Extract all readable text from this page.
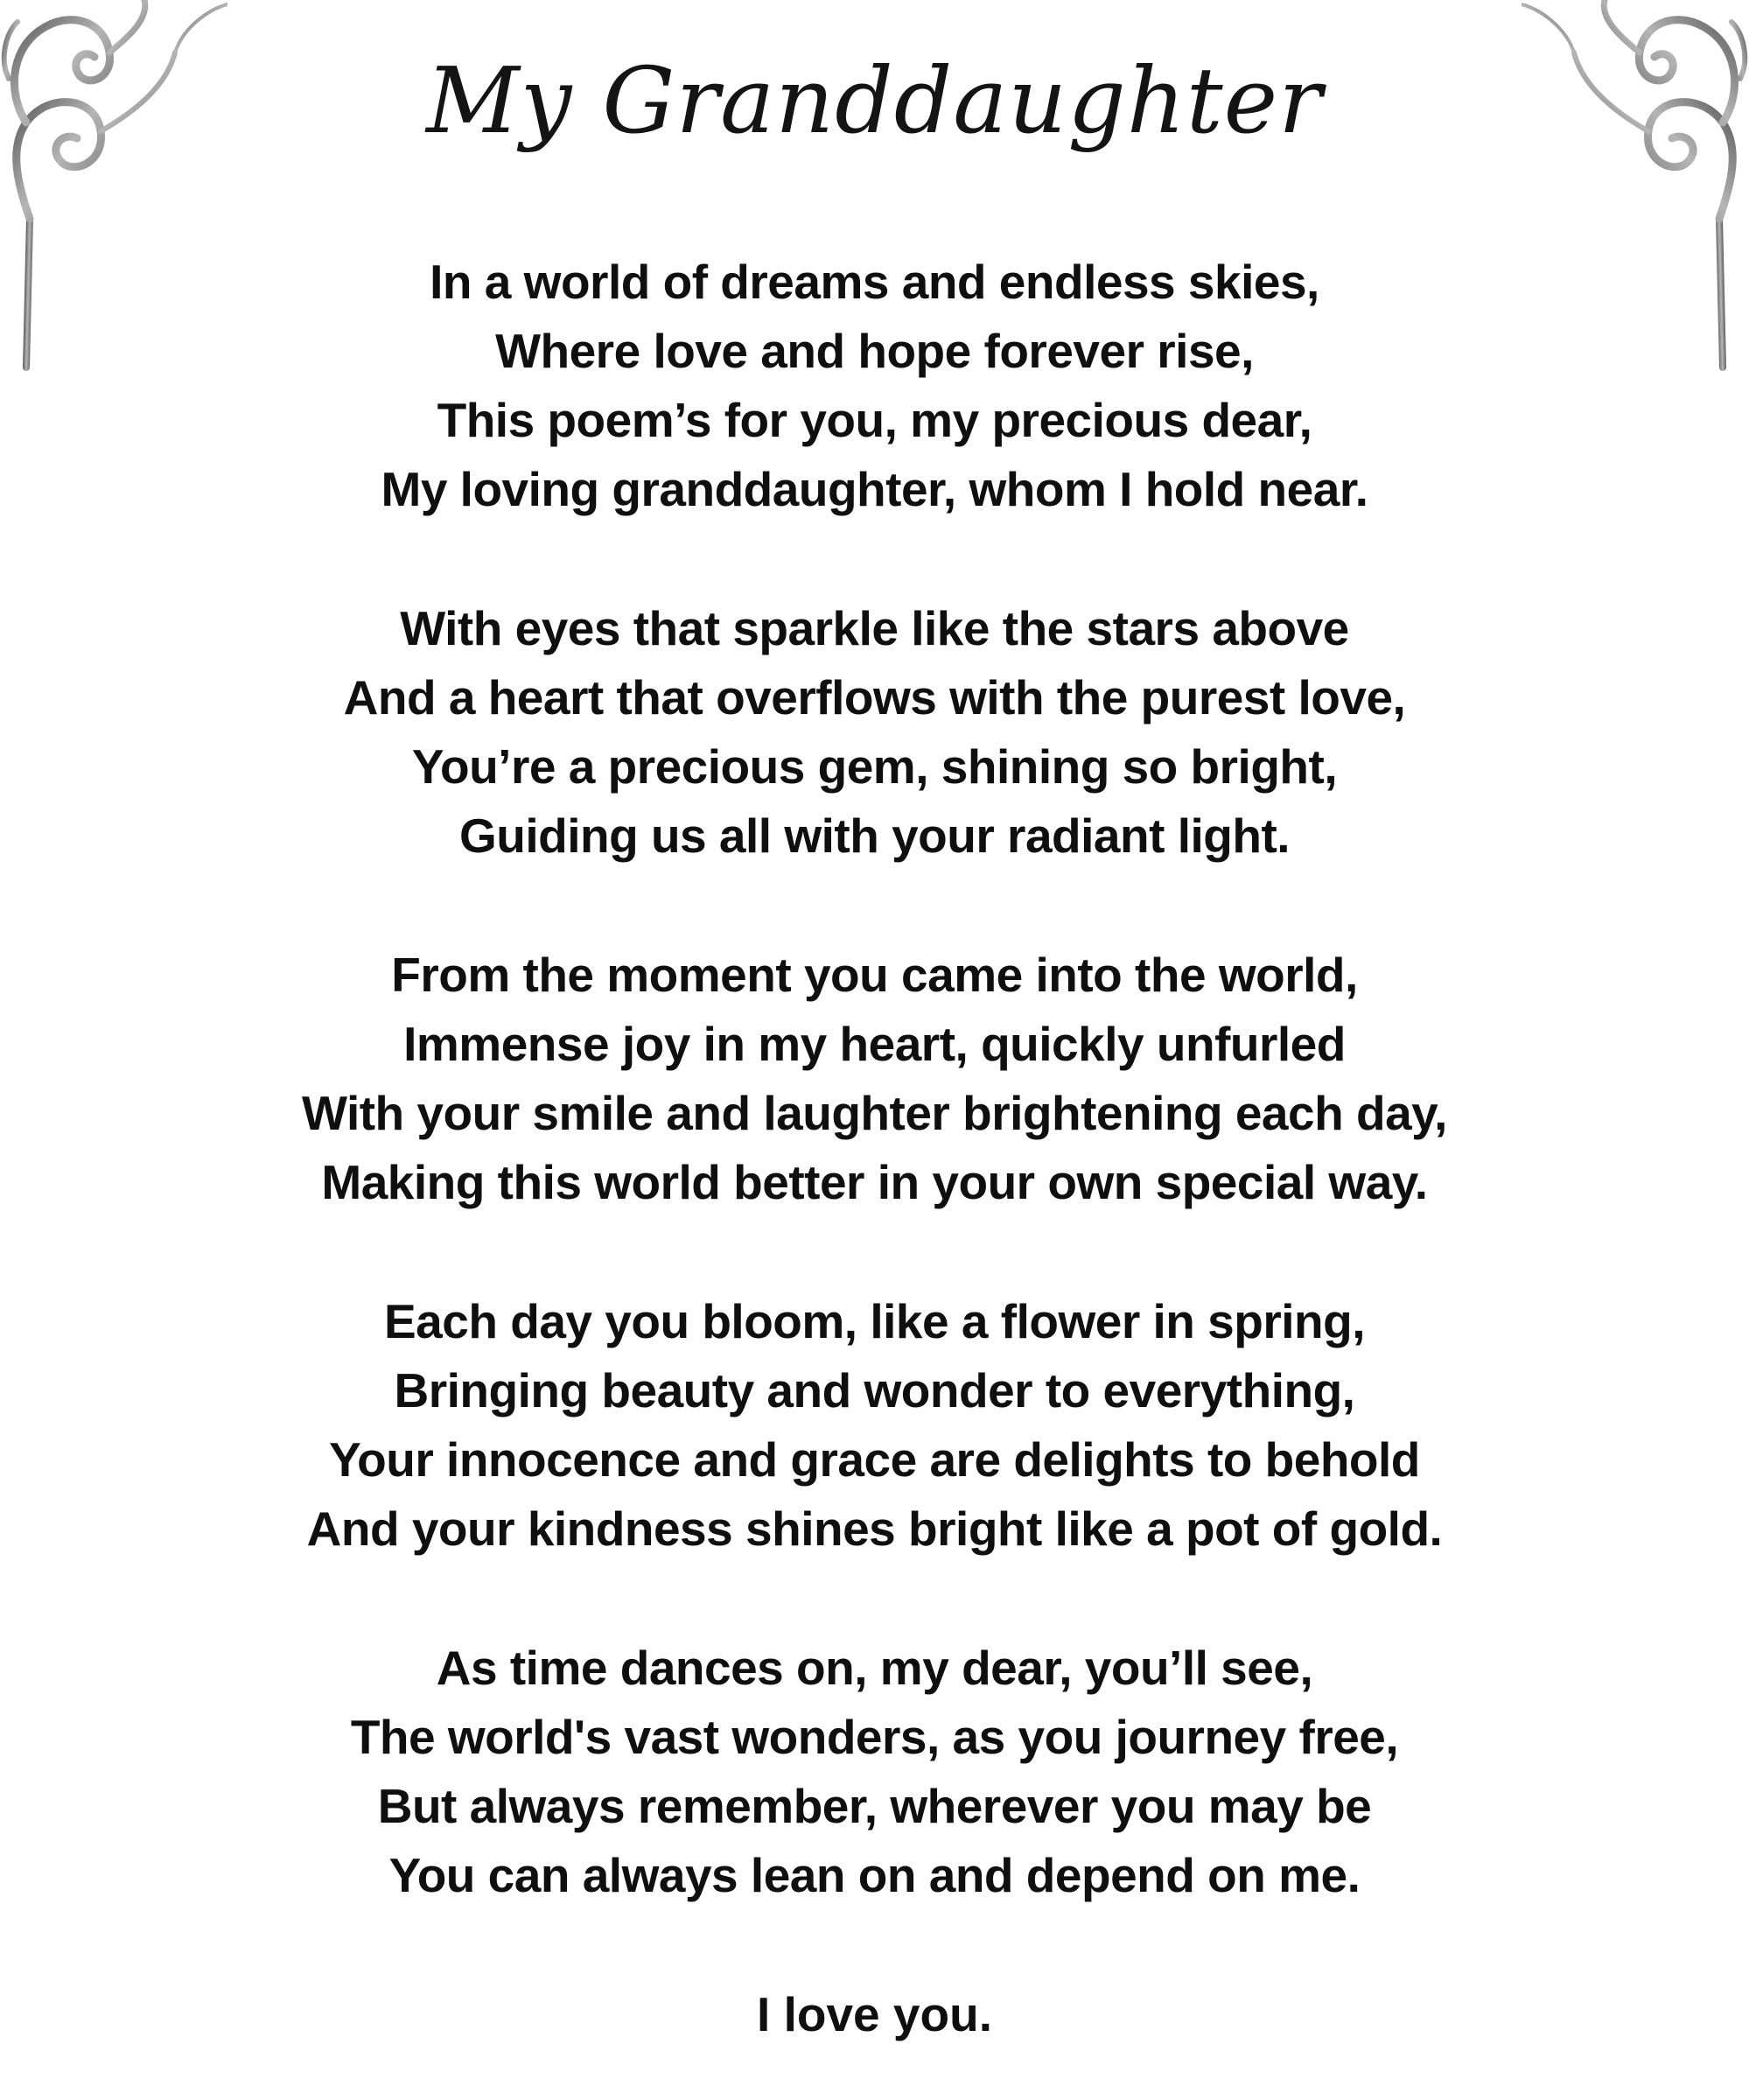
My Granddaughter
In a world of dreams and endless skies,
Where love and hope forever rise,
This poem’s for you, my precious dear,
My loving granddaughter, whom I hold near.
With eyes that sparkle like the stars above
And a heart that overflows with the purest love,
You’re a precious gem, shining so bright,
Guiding us all with your radiant light.
From the moment you came into the world,
Immense joy in my heart, quickly unfurled
With your smile and laughter brightening each day,
Making this world better in your own special way.
Each day you bloom, like a flower in spring,
Bringing beauty and wonder to everything,
Your innocence and grace are delights to behold
And your kindness shines bright like a pot of gold.
As time dances on, my dear, you’ll see,
The world's vast wonders, as you journey free,
But always remember, wherever you may be
You can always lean on and depend on me.
I love you.
